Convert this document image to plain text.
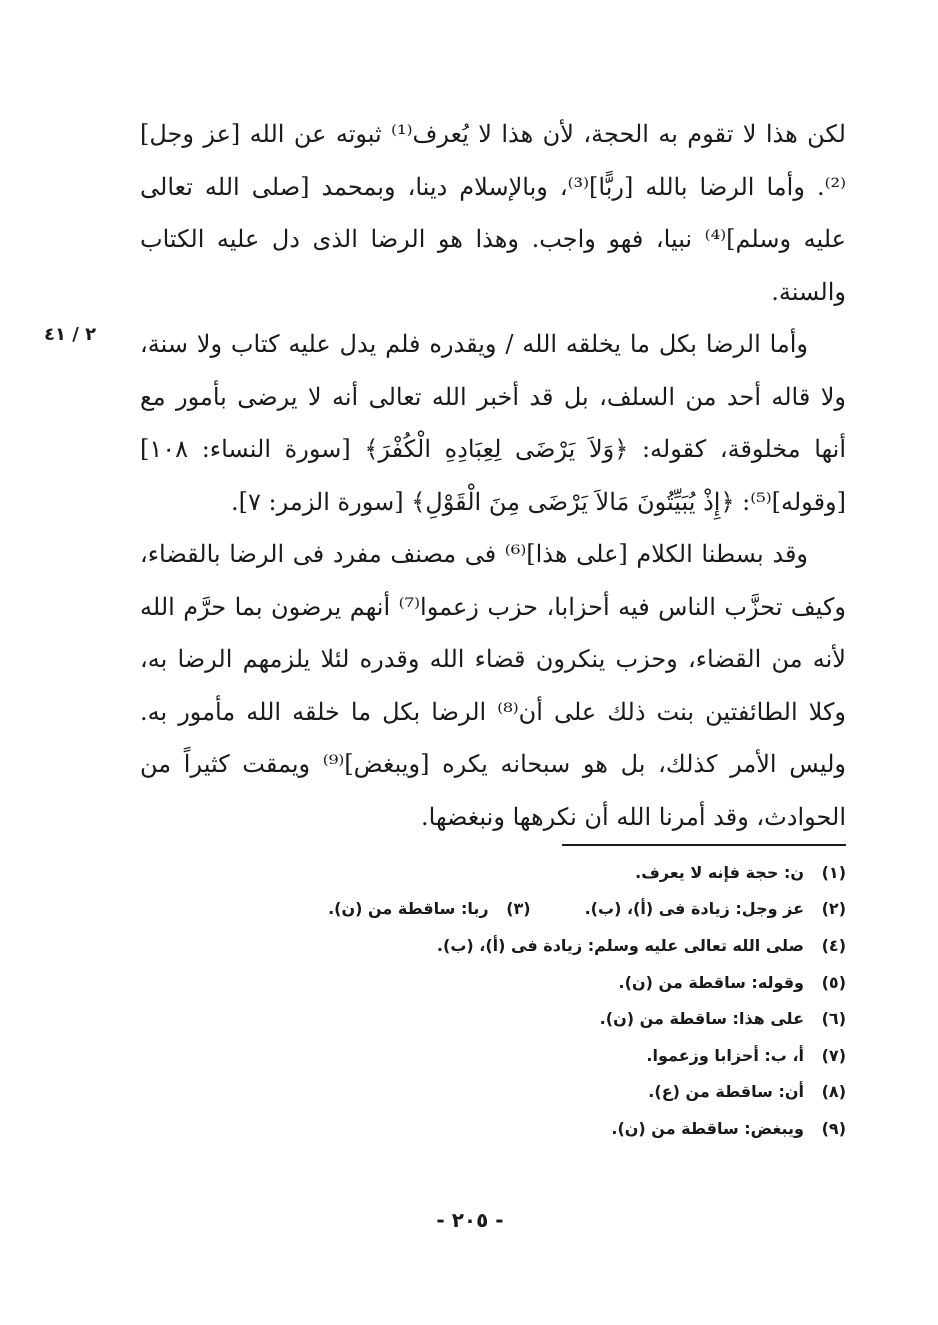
لكن هذا لا تقوم به الحجة، لأن هذا لا يُعرف⁽¹⁾ ثبوته عن الله [عز وجل]⁽²⁾. وأما الرضا بالله [ربًّا]⁽³⁾، وبالإسلام دينا، وبمحمد [صلى الله تعالى عليه وسلم]⁽⁴⁾ نبيا، فهو واجب. وهذا هو الرضا الذى دل عليه الكتاب والسنة.

وأما الرضا بكل ما يخلقه الله / ويقدره فلم يدل عليه كتاب ولا سنة، ولا قاله أحد من السلف، بل قد أخبر الله تعالى أنه لا يرضى بأمور مع أنها مخلوقة، كقوله: ﴿وَلاَ يَرْضَى لِعِبَادِهِ الْكُفْرَ﴾ [سورة النساء: ١٠٨] [وقوله]⁽⁵⁾: ﴿إِذْ يُبَيِّتُونَ مَالاَ يَرْضَى مِنَ الْقَوْلِ﴾ [سورة الزمر: ٧].

وقد بسطنا الكلام [على هذا]⁽⁶⁾ فى مصنف مفرد فى الرضا بالقضاء، وكيف تحزَّب الناس فيه أحزابا، حزب زعموا⁽⁷⁾ أنهم يرضون بما حرَّم الله لأنه من القضاء، وحزب ينكرون قضاء الله وقدره لئلا يلزمهم الرضا به، وكلا الطائفتين بنت ذلك على أن⁽⁸⁾ الرضا بكل ما خلقه الله مأمور به. وليس الأمر كذلك، بل هو سبحانه يكره [ويبغض]⁽⁹⁾ ويمقت كثيراً من الحوادث، وقد أمرنا الله أن نكرهها ونبغضها.

٢ / ٤١
(١)
ن: حجة فإنه لا يعرف.
(٢)
عز وجل: زيادة فى (أ)، (ب).
(٣)
ربا: ساقطة من (ن).
(٤)
صلى الله تعالى عليه وسلم: زيادة فى (أ)، (ب).
(٥)
وقوله: ساقطة من (ن).
(٦)
على هذا: ساقطة من (ن).
(٧)
أ، ب: أحزابا وزعموا.
(٨)
أن: ساقطة من (ع).
(٩)
ويبغض: ساقطة من (ن).
- ٢٠٥ -
